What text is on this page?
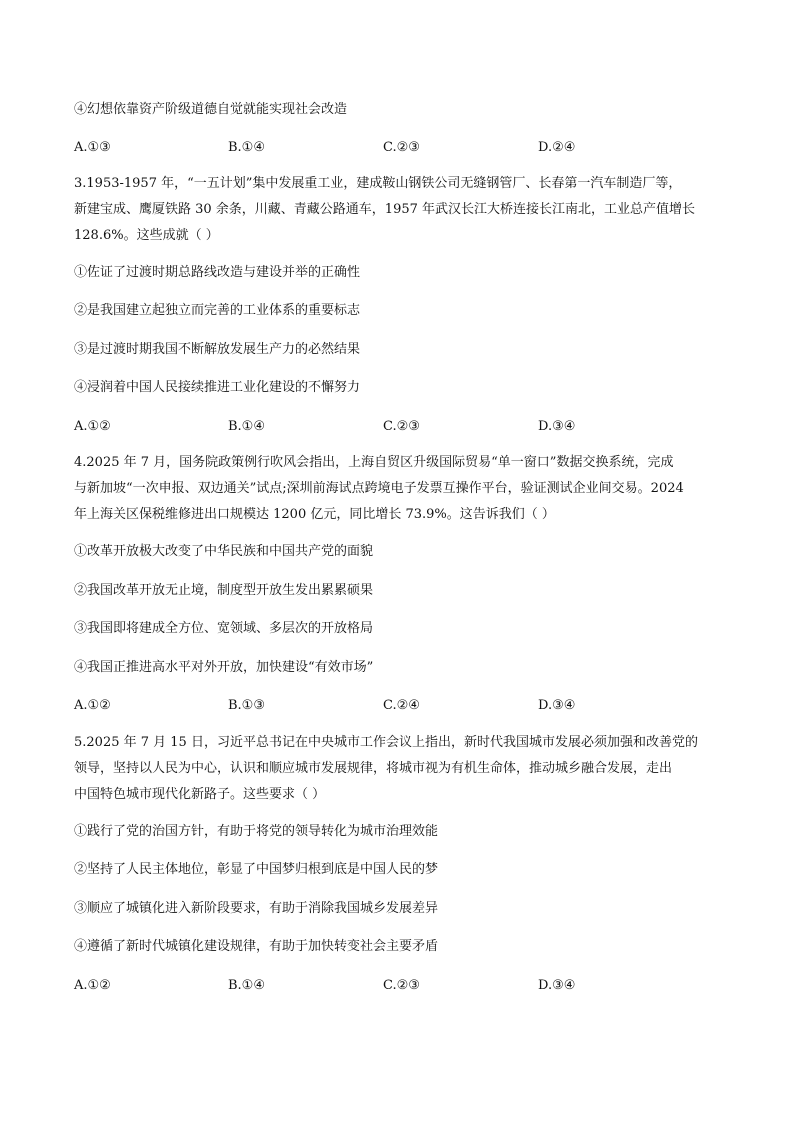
④幻想依靠资产阶级道德自觉就能实现社会改造
A.①③	B.①④	C.②③	D.②④
3.1953-1957 年，“一五计划”集中发展重工业，建成鞍山钢铁公司无缝钢管厂、长春第一汽车制造厂等，
新建宝成、鹰厦铁路 30 余条，川藏、青藏公路通车，1957 年武汉长江大桥连接长江南北，工业总产值增长
128.6%。这些成就（ ）
①佐证了过渡时期总路线改造与建设并举的正确性
②是我国建立起独立而完善的工业体系的重要标志
③是过渡时期我国不断解放发展生产力的必然结果
④浸润着中国人民接续推进工业化建设的不懈努力
A.①②	B.①④	C.②③	D.③④
4.2025 年 7 月，国务院政策例行吹风会指出，上海自贸区升级国际贸易“单一窗口”数据交换系统，完成
与新加坡“一次申报、双边通关”试点;深圳前海试点跨境电子发票互操作平台，验证测试企业间交易。2024
年上海关区保税维修进出口规模达 1200 亿元，同比增长 73.9%。这告诉我们（ ）
①改革开放极大改变了中华民族和中国共产党的面貌
②我国改革开放无止境，制度型开放生发出累累硕果
③我国即将建成全方位、宽领域、多层次的开放格局
④我国正推进高水平对外开放，加快建设“有效市场”
A.①②	B.①③	C.②④	D.③④
5.2025 年 7 月 15 日，习近平总书记在中央城市工作会议上指出，新时代我国城市发展必须加强和改善党的
领导，坚持以人民为中心，认识和顺应城市发展规律，将城市视为有机生命体，推动城乡融合发展，走出
中国特色城市现代化新路子。这些要求（ ）
①践行了党的治国方针，有助于将党的领导转化为城市治理效能
②坚持了人民主体地位，彰显了中国梦归根到底是中国人民的梦
③顺应了城镇化进入新阶段要求，有助于消除我国城乡发展差异
④遵循了新时代城镇化建设规律，有助于加快转变社会主要矛盾
A.①②	B.①④	C.②③	D.③④
